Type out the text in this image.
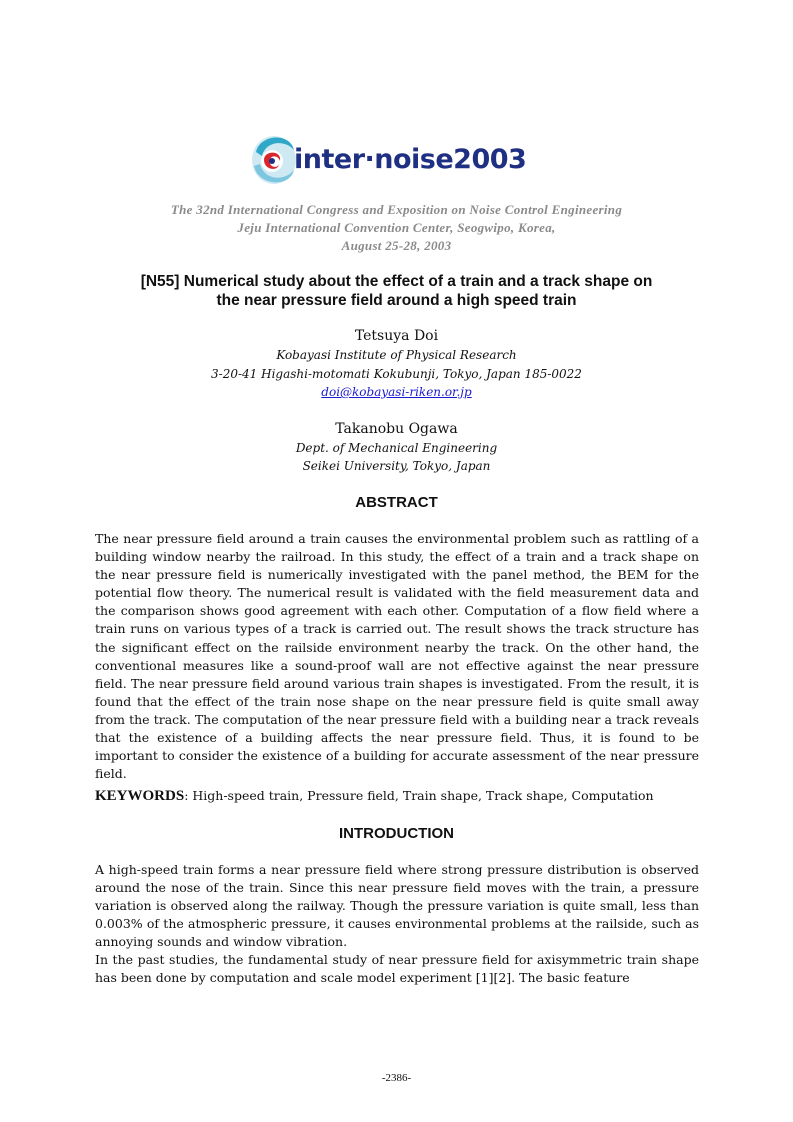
inter·noise2003
The 32nd International Congress and Exposition on Noise Control Engineering
Jeju International Convention Center, Seogwipo, Korea,
August 25-28, 2003
[N55] Numerical study about the effect of a train and a track shape on
the near pressure field around a high speed train
Tetsuya Doi
Kobayasi Institute of Physical Research
3-20-41 Higashi-motomati Kokubunji, Tokyo, Japan 185-0022
doi@kobayasi-riken.or.jp
Takanobu Ogawa
Dept. of Mechanical Engineering
Seikei University, Tokyo, Japan
ABSTRACT

The near pressure field around a train causes the environmental problem such as rattling of a building window nearby the railroad. In this study, the effect of a train and a track shape on the near pressure field is numerically investigated with the panel method, the BEM for the potential flow theory. The numerical result is validated with the field measurement data and the comparison shows good agreement with each other. Computation of a flow field where a train runs on various types of a track is carried out. The result shows the track structure has the significant effect on the railside environment nearby the track. On the other hand, the conventional measures like a sound-proof wall are not effective against the near pressure field. The near pressure field around various train shapes is investigated. From the result, it is found that the effect of the train nose shape on the near pressure field is quite small away from the track. The computation of the near pressure field with a building near a track reveals that the existence of a building affects the near pressure field. Thus, it is found to be important to consider the existence of a building for accurate assessment of the near pressure field.

KEYWORDS: High-speed train, Pressure field, Train shape, Track shape, Computation
INTRODUCTION

A high-speed train forms a near pressure field where strong pressure distribution is observed around the nose of the train. Since this near pressure field moves with the train, a pressure variation is observed along the railway. Though the pressure variation is quite small, less than 0.003% of the atmospheric pressure, it causes environmental problems at the railside, such as annoying sounds and window vibration.

In the past studies, the fundamental study of near pressure field for axisymmetric train shape has been done by computation and scale model experiment [1][2]. The basic feature

-2386-
